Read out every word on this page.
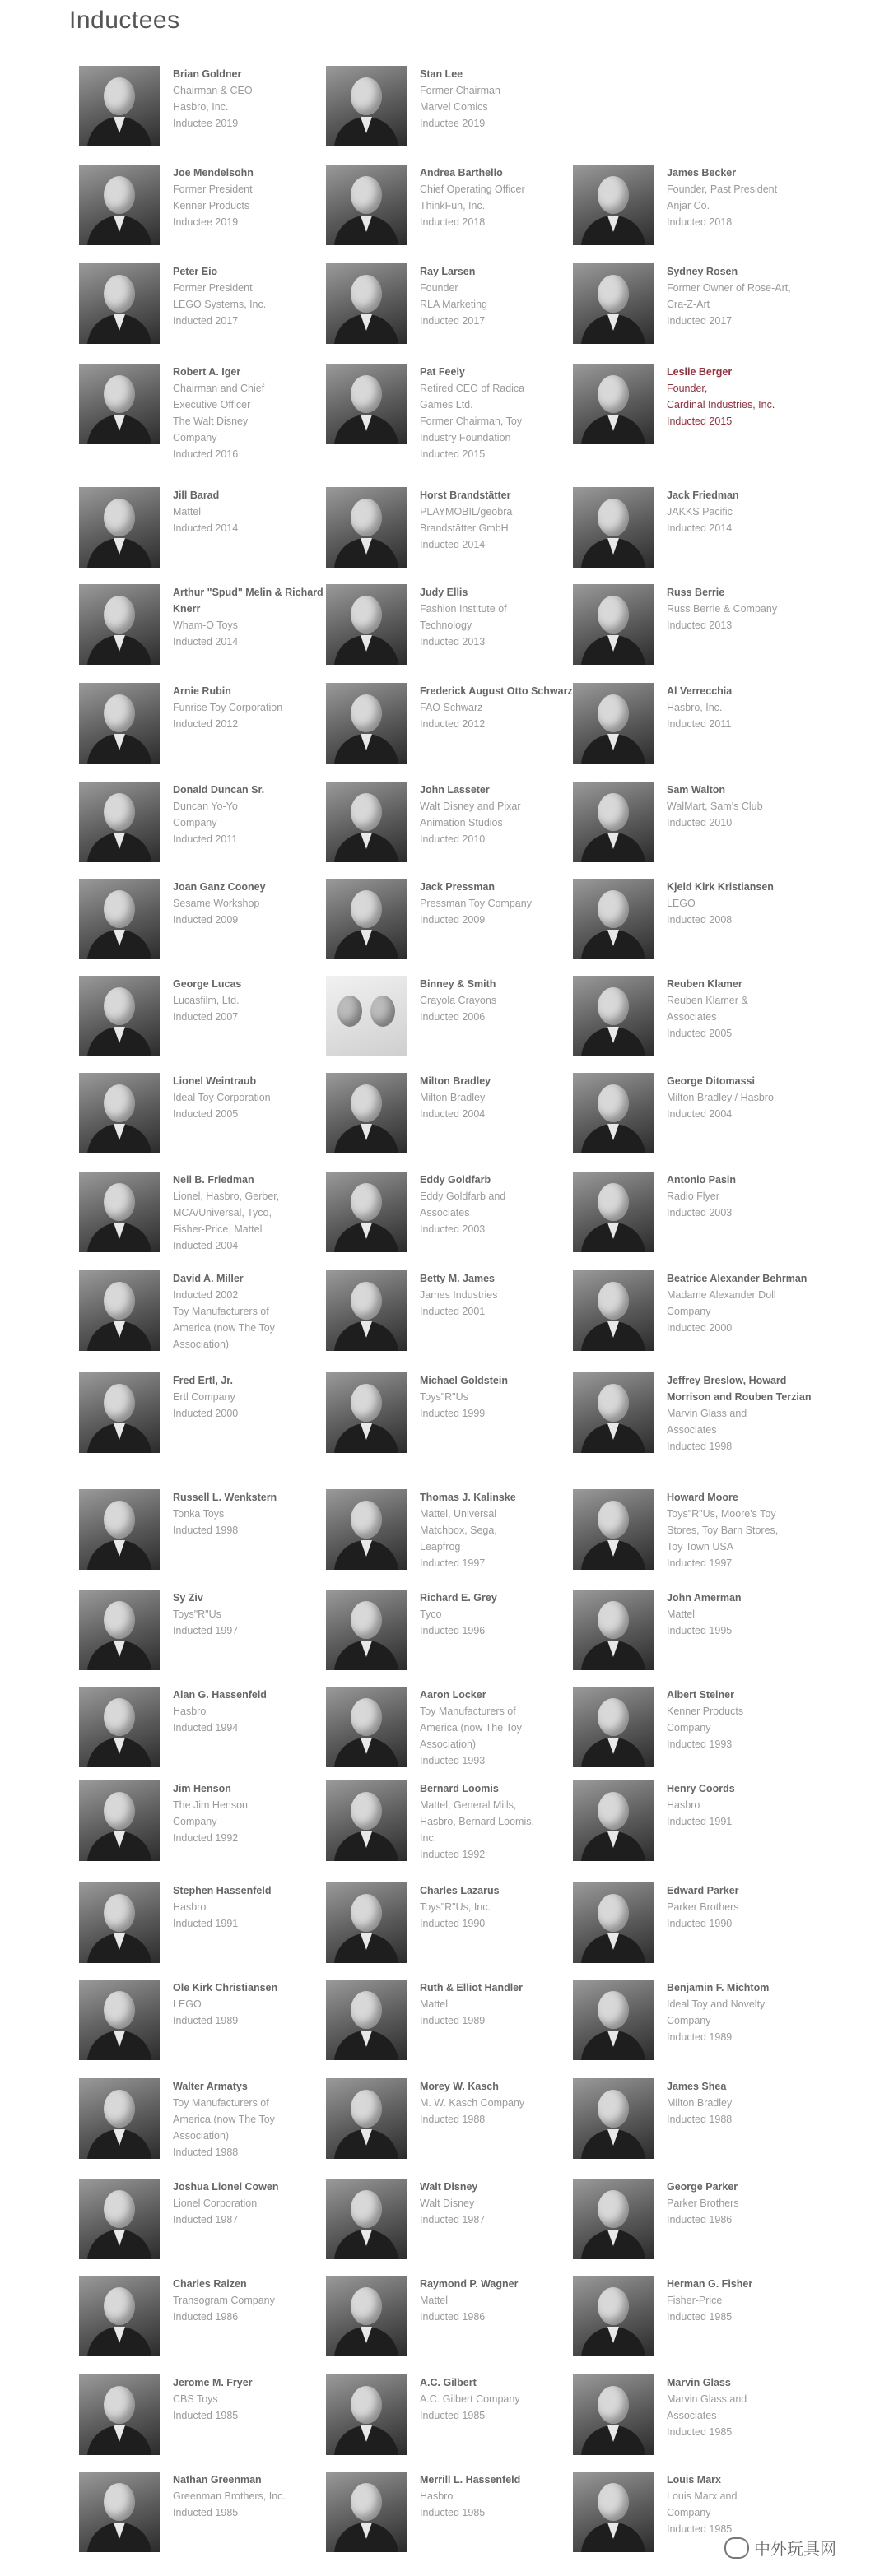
Inductees
Brian Goldner
Chairman & CEO
Hasbro, Inc.
Inductee 2019
Stan Lee
Former Chairman
Marvel Comics
Inductee 2019
Joe Mendelsohn
Former President
Kenner Products
Inductee 2019
Andrea Barthello
Chief Operating Officer
ThinkFun, Inc.
Inducted 2018
James Becker
Founder, Past President
Anjar Co.
Inducted 2018
Peter Eio
Former President
LEGO Systems, Inc.
Inducted 2017
Ray Larsen
Founder
RLA Marketing
Inducted 2017
Sydney Rosen
Former Owner of Rose-Art,
Cra-Z-Art
Inducted 2017
Robert A. Iger
Chairman and Chief
Executive Officer
The Walt Disney
Company
Inducted 2016
Pat Feely
Retired CEO of Radica
Games Ltd.
Former Chairman, Toy
Industry Foundation
Inducted 2015
Leslie Berger
Founder,
Cardinal Industries, Inc.
Inducted 2015
Jill Barad
Mattel
Inducted 2014
Horst Brandstätter
PLAYMOBIL/geobra
Brandstätter GmbH
Inducted 2014
Jack Friedman
JAKKS Pacific
Inducted 2014
Arthur "Spud" Melin & Richard Knerr
Wham-O Toys
Inducted 2014
Judy Ellis
Fashion Institute of
Technology
Inducted 2013
Russ Berrie
Russ Berrie & Company
Inducted 2013
Arnie Rubin
Funrise Toy Corporation
Inducted 2012
Frederick August Otto Schwarz
FAO Schwarz
Inducted 2012
Al Verrecchia
Hasbro, Inc.
Inducted 2011
Donald Duncan Sr.
Duncan Yo-Yo
Company
Inducted 2011
John Lasseter
Walt Disney and Pixar
Animation Studios
Inducted 2010
Sam Walton
WalMart, Sam's Club
Inducted 2010
Joan Ganz Cooney
Sesame Workshop
Inducted 2009
Jack Pressman
Pressman Toy Company
Inducted 2009
Kjeld Kirk Kristiansen
LEGO
Inducted 2008
George Lucas
Lucasfilm, Ltd.
Inducted 2007
Binney & Smith
Crayola Crayons
Inducted 2006
Reuben Klamer
Reuben Klamer &
Associates
Inducted 2005
Lionel Weintraub
Ideal Toy Corporation
Inducted 2005
Milton Bradley
Milton Bradley
Inducted 2004
George Ditomassi
Milton Bradley / Hasbro
Inducted 2004
Neil B. Friedman
Lionel, Hasbro, Gerber,
MCA/Universal, Tyco,
Fisher-Price, Mattel
Inducted 2004
Eddy Goldfarb
Eddy Goldfarb and
Associates
Inducted 2003
Antonio Pasin
Radio Flyer
Inducted 2003
David A. Miller
Inducted 2002
Toy Manufacturers of
America (now The Toy
Association)
Betty M. James
James Industries
Inducted 2001
Beatrice Alexander Behrman
Madame Alexander Doll
Company
Inducted 2000
Fred Ertl, Jr.
Ertl Company
Inducted 2000
Michael Goldstein
Toys"R"Us
Inducted 1999
Jeffrey Breslow, Howard Morrison and Rouben Terzian
Marvin Glass and
Associates
Inducted 1998
Russell L. Wenkstern
Tonka Toys
Inducted 1998
Thomas J. Kalinske
Mattel, Universal
Matchbox, Sega,
Leapfrog
Inducted 1997
Howard Moore
Toys"R"Us, Moore's Toy
Stores, Toy Barn Stores,
Toy Town USA
Inducted 1997
Sy Ziv
Toys"R"Us
Inducted 1997
Richard E. Grey
Tyco
Inducted 1996
John Amerman
Mattel
Inducted 1995
Alan G. Hassenfeld
Hasbro
Inducted 1994
Aaron Locker
Toy Manufacturers of
America (now The Toy
Association)
Inducted 1993
Albert Steiner
Kenner Products
Company
Inducted 1993
Jim Henson
The Jim Henson
Company
Inducted 1992
Bernard Loomis
Mattel, General Mills,
Hasbro, Bernard Loomis,
Inc.
Inducted 1992
Henry Coords
Hasbro
Inducted 1991
Stephen Hassenfeld
Hasbro
Inducted 1991
Charles Lazarus
Toys"R"Us, Inc.
Inducted 1990
Edward Parker
Parker Brothers
Inducted 1990
Ole Kirk Christiansen
LEGO
Inducted 1989
Ruth & Elliot Handler
Mattel
Inducted 1989
Benjamin F. Michtom
Ideal Toy and Novelty
Company
Inducted 1989
Walter Armatys
Toy Manufacturers of
America (now The Toy
Association)
Inducted 1988
Morey W. Kasch
M. W. Kasch Company
Inducted 1988
James Shea
Milton Bradley
Inducted 1988
Joshua Lionel Cowen
Lionel Corporation
Inducted 1987
Walt Disney
Walt Disney
Inducted 1987
George Parker
Parker Brothers
Inducted 1986
Charles Raizen
Transogram Company
Inducted 1986
Raymond P. Wagner
Mattel
Inducted 1986
Herman G. Fisher
Fisher-Price
Inducted 1985
Jerome M. Fryer
CBS Toys
Inducted 1985
A.C. Gilbert
A.C. Gilbert Company
Inducted 1985
Marvin Glass
Marvin Glass and
Associates
Inducted 1985
Nathan Greenman
Greenman Brothers, Inc.
Inducted 1985
Merrill L. Hassenfeld
Hasbro
Inducted 1985
Louis Marx
Louis Marx and
Company
Inducted 1985
中外玩具网
